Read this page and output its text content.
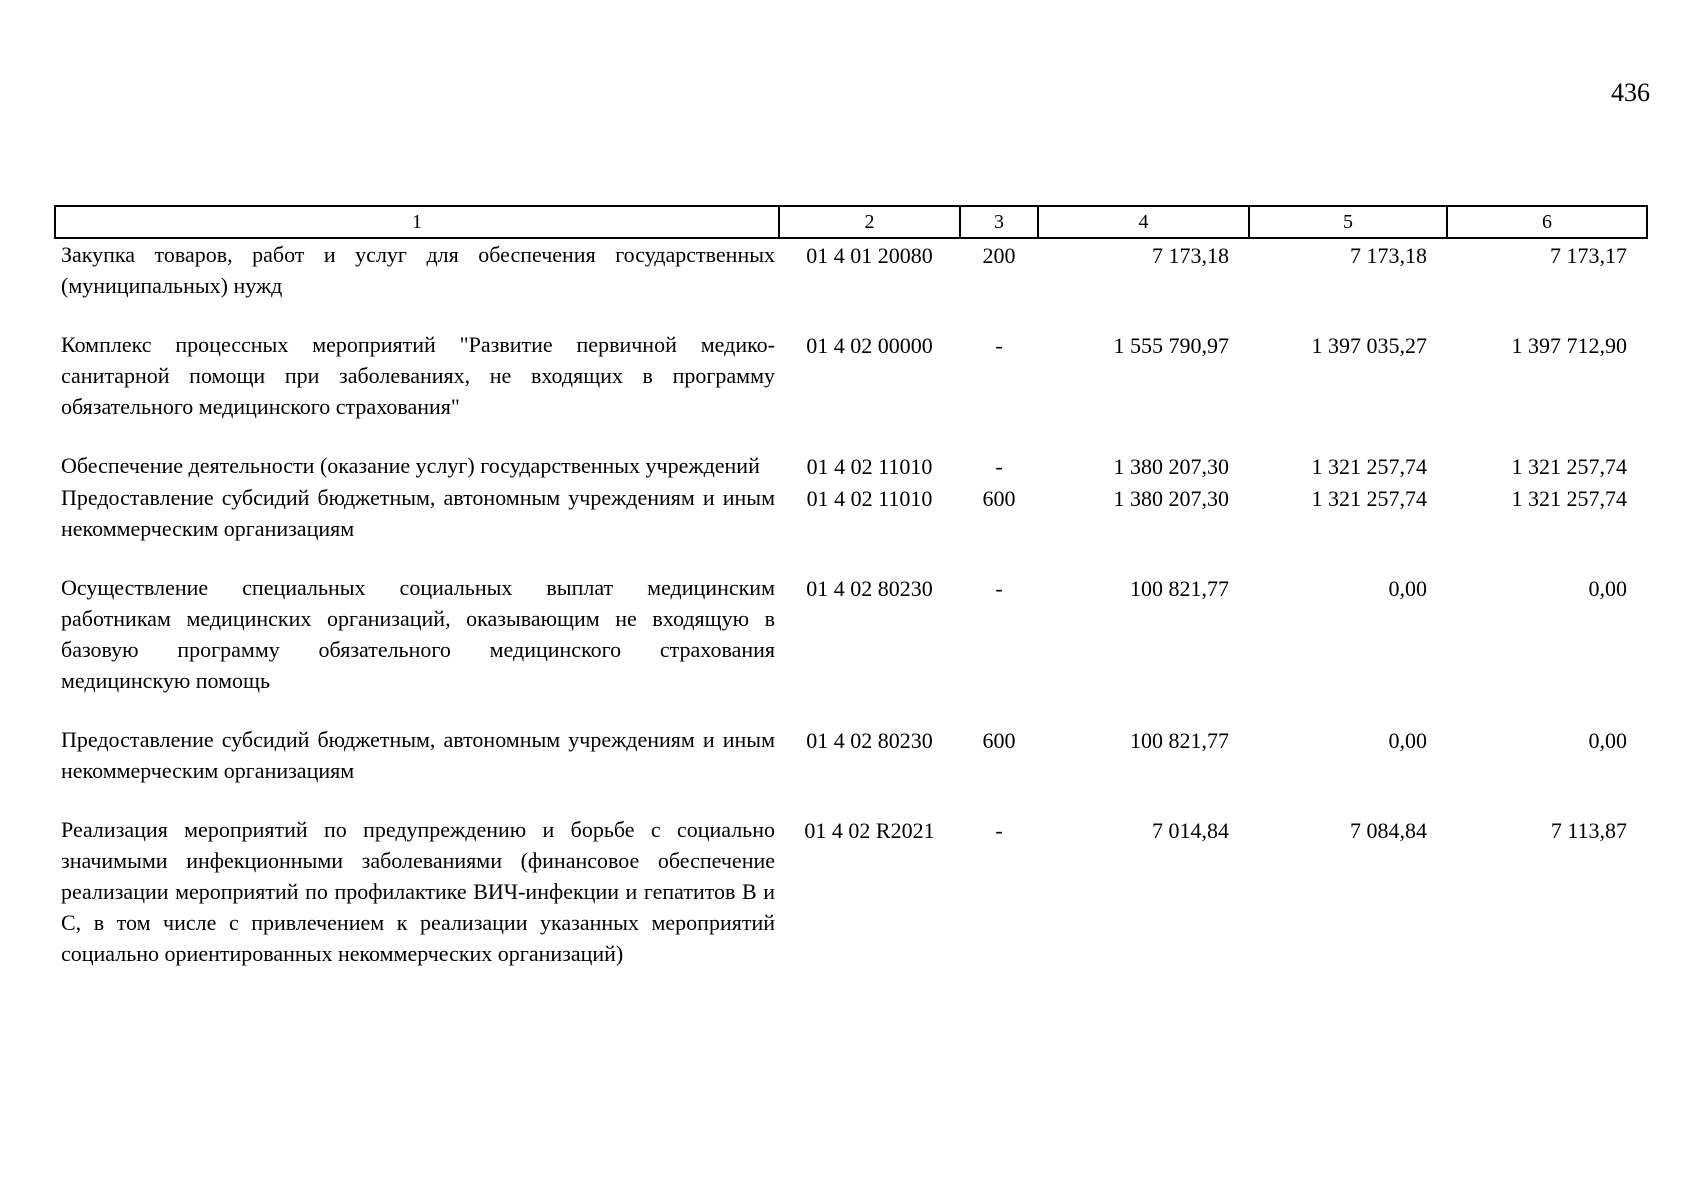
436
1	2	3	4	5	6
Закупка товаров, работ и услуг для обеспечения государственных (муниципальных) нужд	01 4 01 20080	200	7 173,18	7 173,18	7 173,17
Комплекс процессных мероприятий "Развитие первичной медико-санитарной помощи при заболеваниях, не входящих в программу обязательного медицинского страхования"	01 4 02 00000	-	1 555 790,97	1 397 035,27	1 397 712,90
Обеспечение деятельности (оказание услуг) государственных учреждений	01 4 02 11010	-	1 380 207,30	1 321 257,74	1 321 257,74
Предоставление субсидий бюджетным, автономным учреждениям и иным некоммерческим организациям	01 4 02 11010	600	1 380 207,30	1 321 257,74	1 321 257,74
Осуществление специальных социальных выплат медицинским работникам медицинских организаций, оказывающим не входящую в базовую программу обязательного медицинского страхования медицинскую помощь	01 4 02 80230	-	100 821,77	0,00	0,00
Предоставление субсидий бюджетным, автономным учреждениям и иным некоммерческим организациям	01 4 02 80230	600	100 821,77	0,00	0,00
Реализация мероприятий по предупреждению и борьбе с социально значимыми инфекционными заболеваниями (финансовое обеспечение реализации мероприятий по профилактике ВИЧ-инфекции и гепатитов В и С, в том числе с привлечением к реализации указанных мероприятий социально ориентированных некоммерческих организаций)	01 4 02 R2021	-	7 014,84	7 084,84	7 113,87
